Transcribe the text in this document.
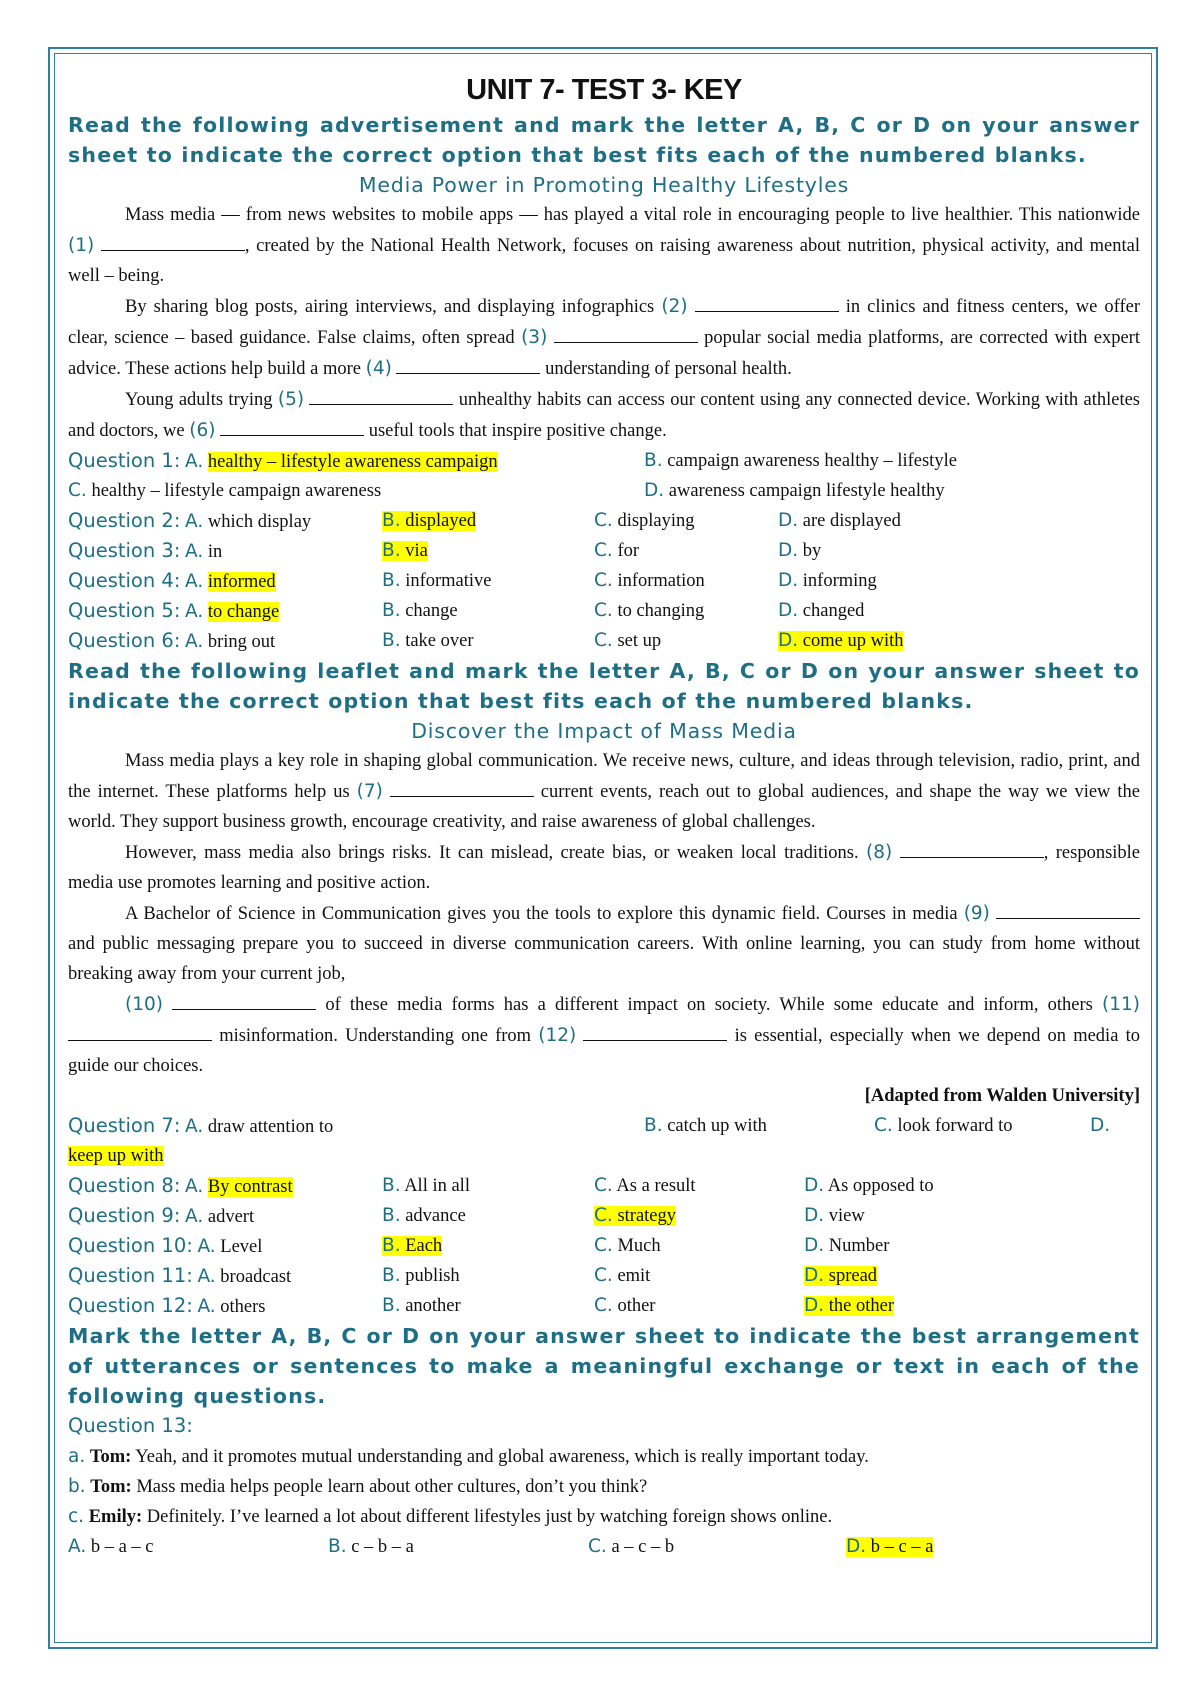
UNIT 7- TEST 3- KEY

Read the following advertisement and mark the letter A, B, C or D on your answer sheet to indicate the correct option that best fits each of the numbered blanks.

Media Power in Promoting Healthy Lifestyles

Mass media — from news websites to mobile apps — has played a vital role in encouraging people to live healthier. This nationwide (1)	, created by the National Health Network, focuses on raising awareness about nutrition, physical activity, and mental well – being.

By sharing blog posts, airing interviews, and displaying infographics (2)	in clinics and fitness centers, we offer clear, science – based guidance. False claims, often spread (3)	popular social media platforms, are corrected with expert advice. These actions help build a more (4)	understanding of personal health.

Young adults trying (5)	unhealthy habits can access our content using any connected device. Working with athletes and doctors, we (6)	useful tools that inspire positive change.

Question 1: A. healthy – lifestyle awareness campaign	B. campaign awareness healthy – lifestyle
C. healthy – lifestyle campaign awareness	D. awareness campaign lifestyle healthy
Question 2: A. which display	B. displayed	C. displaying	D. are displayed
Question 3: A. in	B. via	C. for	D. by
Question 4: A. informed	B. informative	C. information	D. informing
Question 5: A. to change	B. change	C. to changing	D. changed
Question 6: A. bring out	B. take over	C. set up	D. come up with

Read the following leaflet and mark the letter A, B, C or D on your answer sheet to indicate the correct option that best fits each of the numbered blanks.

Discover the Impact of Mass Media

Mass media plays a key role in shaping global communication. We receive news, culture, and ideas through television, radio, print, and the internet. These platforms help us (7)	current events, reach out to global audiences, and shape the way we view the world. They support business growth, encourage creativity, and raise awareness of global challenges.

However, mass media also brings risks. It can mislead, create bias, or weaken local traditions. (8)	, responsible media use promotes learning and positive action.

A Bachelor of Science in Communication gives you the tools to explore this dynamic field. Courses in media (9)  and public messaging prepare you to succeed in diverse communication careers. With online learning, you can study from home without breaking away from your current job,

(10)	of these media forms has a different impact on society. While some educate and inform, others (11)  misinformation. Understanding one from (12)	is essential, especially when we depend on media to guide our choices.

[Adapted from Walden University]

Question 7: A. draw attention to	B. catch up with	C. look forward to	D.
keep up with
Question 8: A. By contrast	B. All in all	C. As a result	D. As opposed to
Question 9: A. advert	B. advance	C. strategy	D. view
Question 10: A. Level	B. Each	C. Much	D. Number
Question 11: A. broadcast	B. publish	C. emit	D. spread
Question 12: A. others	B. another	C. other	D. the other

Mark the letter A, B, C or D on your answer sheet to indicate the best arrangement of utterances or sentences to make a meaningful exchange or text in each of the following questions.

Question 13:

a. Tom: Yeah, and it promotes mutual understanding and global awareness, which is really important today.

b. Tom: Mass media helps people learn about other cultures, don’t you think?

c. Emily: Definitely. I’ve learned a lot about different lifestyles just by watching foreign shows online.

A. b – a – c	B. c – b – a	C. a – c – b	D. b – c – a
